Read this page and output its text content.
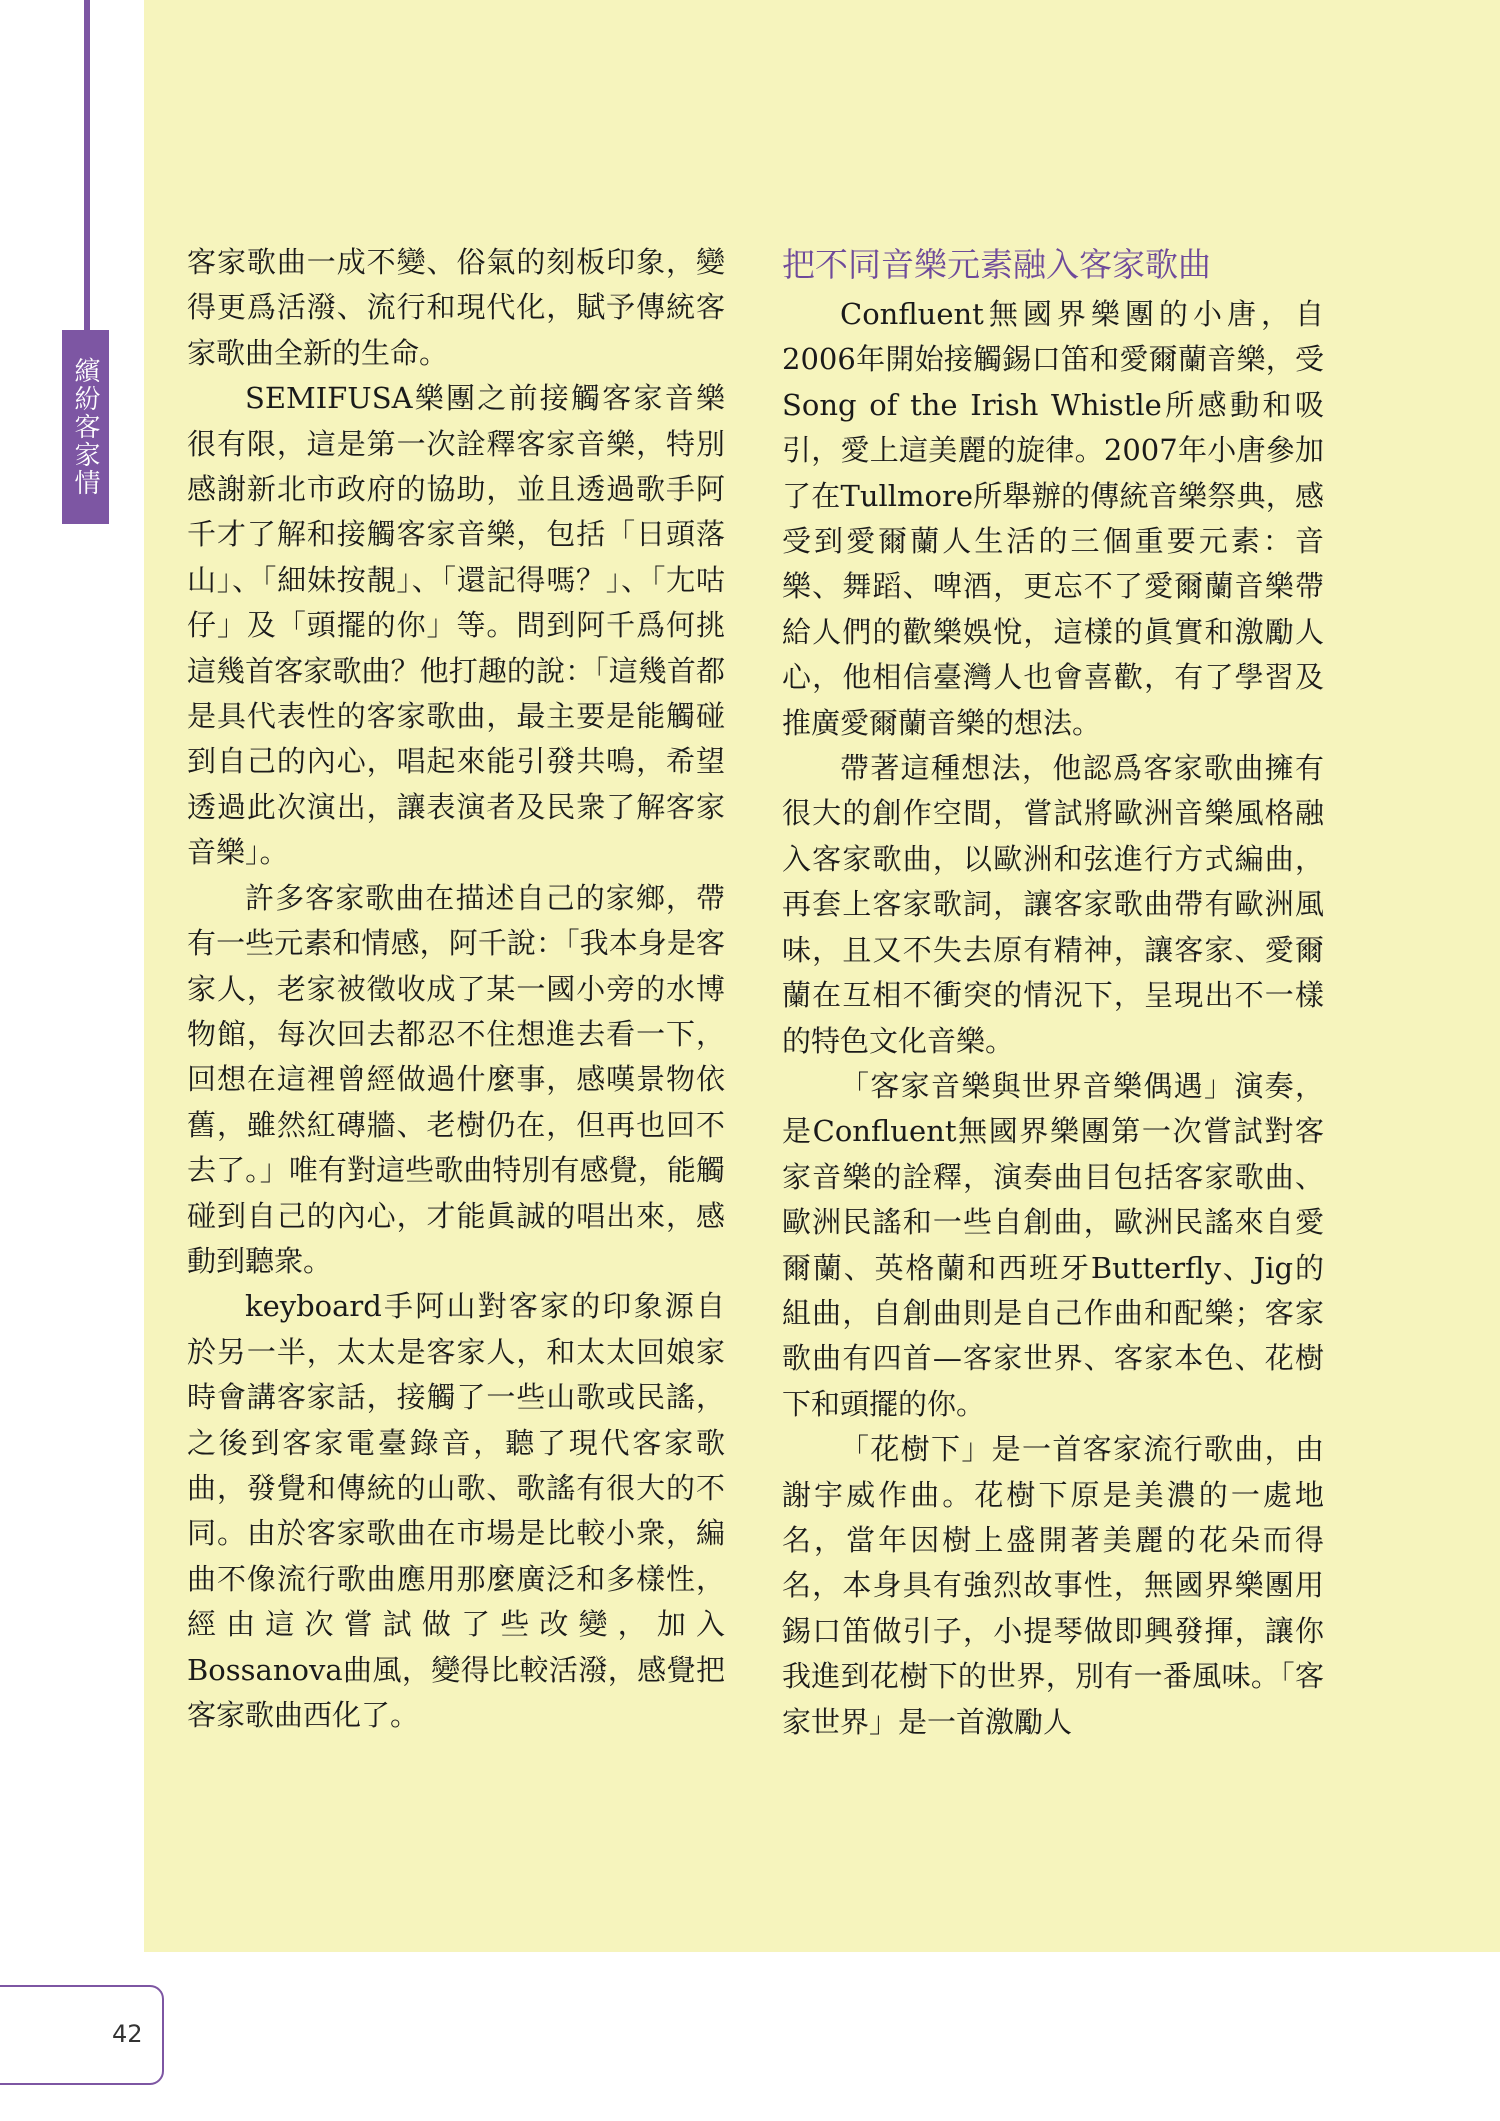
繽紛客家情

客家歌曲一成不變、俗氣的刻板印象，變得更爲活潑、流行和現代化，賦予傳統客家歌曲全新的生命。

SEMIFUSA樂團之前接觸客家音樂很有限，這是第一次詮釋客家音樂，特別感謝新北市政府的協助，並且透過歌手阿千才了解和接觸客家音樂，包括「日頭落山」、「細妹按靚」、「還記得嗎？」、「尢咕仔」及「頭擺的你」等。問到阿千爲何挑這幾首客家歌曲？他打趣的說：「這幾首都是具代表性的客家歌曲，最主要是能觸碰到自己的內心，唱起來能引發共鳴，希望透過此次演出，讓表演者及民衆了解客家音樂」。

許多客家歌曲在描述自己的家鄉，帶有一些元素和情感，阿千說：「我本身是客家人，老家被徵收成了某一國小旁的水博物館，每次回去都忍不住想進去看一下，回想在這裡曾經做過什麼事，感嘆景物依舊，雖然紅磚牆、老樹仍在，但再也回不去了。」唯有對這些歌曲特別有感覺，能觸碰到自己的內心，才能眞誠的唱出來，感動到聽衆。

keyboard手阿山對客家的印象源自於另一半，太太是客家人，和太太回娘家時會講客家話，接觸了一些山歌或民謠，之後到客家電臺錄音，聽了現代客家歌曲，發覺和傳統的山歌、歌謠有很大的不同。由於客家歌曲在市場是比較小衆，編曲不像流行歌曲應用那麼廣泛和多樣性，經由這次嘗試做了些改變，加入Bossanova曲風，變得比較活潑，感覺把客家歌曲西化了。

把不同音樂元素融入客家歌曲

Confluent無國界樂團的小唐，自2006年開始接觸錫口笛和愛爾蘭音樂，受Song of the Irish Whistle所感動和吸引，愛上這美麗的旋律。2007年小唐參加了在Tullmore所舉辦的傳統音樂祭典，感受到愛爾蘭人生活的三個重要元素：音樂、舞蹈、啤酒，更忘不了愛爾蘭音樂帶給人們的歡樂娛悅，這樣的眞實和激勵人心，他相信臺灣人也會喜歡，有了學習及推廣愛爾蘭音樂的想法。

帶著這種想法，他認爲客家歌曲擁有很大的創作空間，嘗試將歐洲音樂風格融入客家歌曲，以歐洲和弦進行方式編曲，再套上客家歌詞，讓客家歌曲帶有歐洲風味，且又不失去原有精神，讓客家、愛爾蘭在互相不衝突的情況下，呈現出不一樣的特色文化音樂。

「客家音樂與世界音樂偶遇」演奏，是Confluent無國界樂團第一次嘗試對客家音樂的詮釋，演奏曲目包括客家歌曲、歐洲民謠和一些自創曲，歐洲民謠來自愛爾蘭、英格蘭和西班牙Butterfly、Jig的組曲，自創曲則是自己作曲和配樂；客家歌曲有四首—客家世界、客家本色、花樹下和頭擺的你。

「花樹下」是一首客家流行歌曲，由謝宇威作曲。花樹下原是美濃的一處地名，當年因樹上盛開著美麗的花朵而得名，本身具有強烈故事性，無國界樂團用錫口笛做引子，小提琴做即興發揮，讓你我進到花樹下的世界，別有一番風味。「客家世界」是一首激勵人

42
